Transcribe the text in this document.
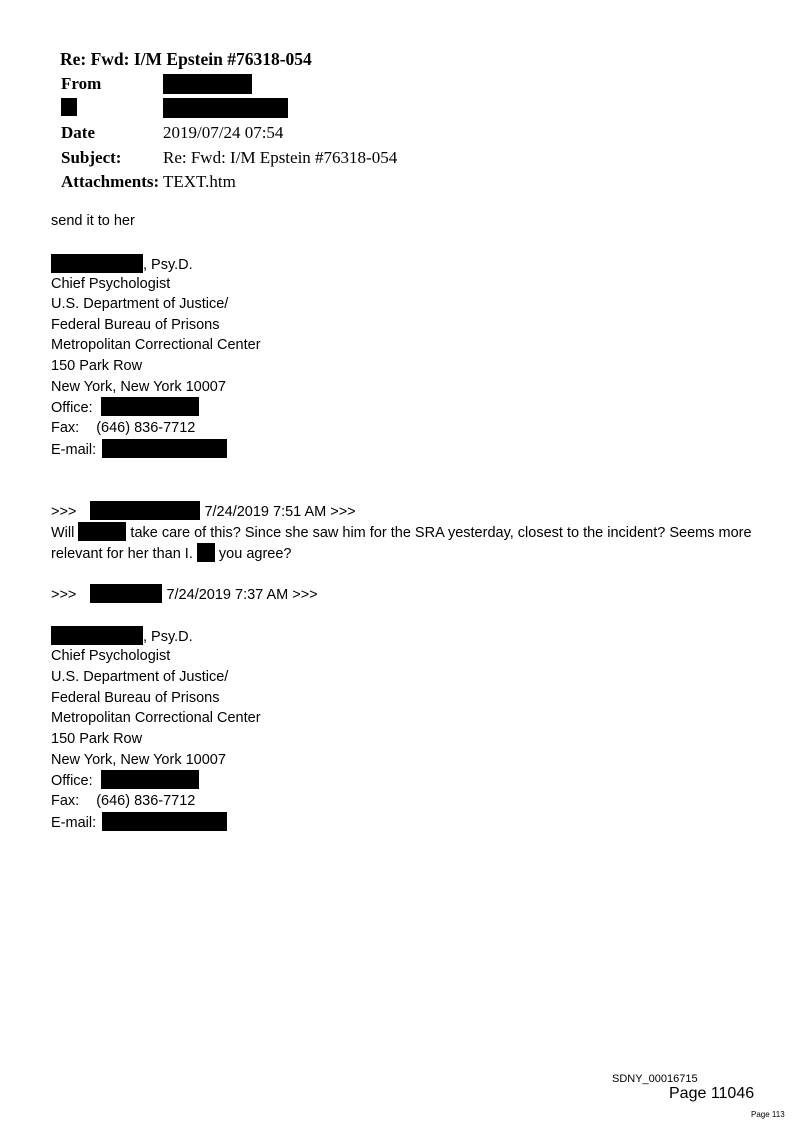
Re: Fwd: I/M Epstein #76318-054
From
Date	2019/07/24 07:54
Subject: Re: Fwd: I/M Epstein #76318-054
Attachments: TEXT.htm
send it to her
, Psy.D.
Chief Psychologist
U.S. Department of Justice/
Federal Bureau of Prisons
Metropolitan Correctional Center
150 Park Row
New York, New York 10007
Office:
Fax: (646) 836-7712
E-mail:
>>>	7/24/2019 7:51 AM >>>
Will	take care of this? Since she saw him for the SRA yesterday, closest to the incident? Seems more
relevant for her than I. you agree?
>>>	7/24/2019 7:37 AM >>>
, Psy.D.
Chief Psychologist
U.S. Department of Justice/
Federal Bureau of Prisons
Metropolitan Correctional Center
150 Park Row
New York, New York 10007
Office:
Fax: (646) 836-7712
E-mail:
SDNY_00016715
Page 11046
Page 113
